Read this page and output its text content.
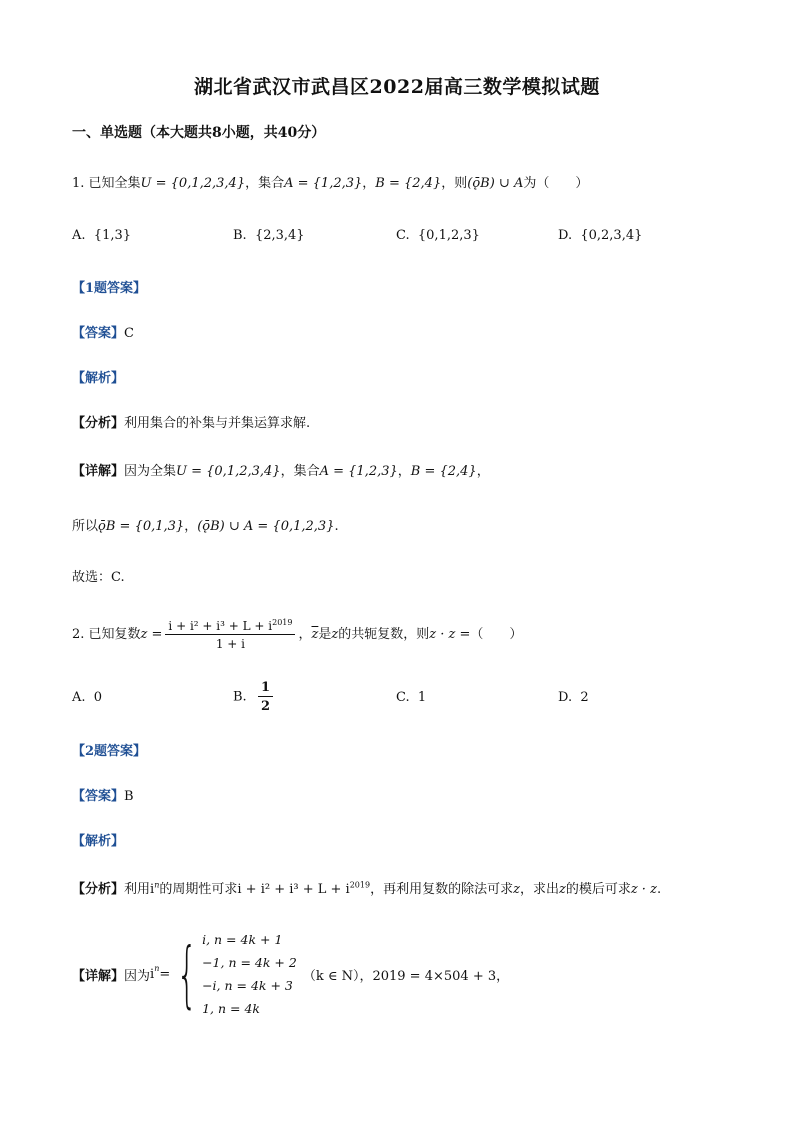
湖北省武汉市武昌区2022届高三数学模拟试题
一、单选题（本大题共8小题，共40分）
1. 已知全集U = {0,1,2,3,4}，集合A = {1,2,3}，B = {2,4}，则(ǭB) ∪ A为（　　）
A. {1,3}	B. {2,3,4}	C. {0,1,2,3}	D. {0,2,3,4}
【1题答案】
【答案】C
【解析】
【分析】利用集合的补集与并集运算求解.
【详解】因为全集U = {0,1,2,3,4}，集合A = {1,2,3}，B = {2,4}，
所以ǭB = {0,1,3}，(ǭB) ∪ A = {0,1,2,3}.
故选：C.
2. 已知复数$z = \frac{i + i^2 + i^3 + L + i^{2019}}{1 + i}$ ，$\overline{z}$是z的共轭复数，则z · z =（　　）
A. 0	B. $\frac{1}{2}$	C. 1	D. 2
【2题答案】
【答案】B
【解析】
【分析】利用$i^n$的周期性可求$i + i^2 + i^3 + L + i^{2019}$，再利用复数的除法可求z，求出z的模后可求z · z.
【详解】 因为 i n = { i, n = 4k + 1
−1, n = 4k + 2
−i, n = 4k + 3
1, n = 4k
（k ∈ N），2019 = 4×504 + 3，
